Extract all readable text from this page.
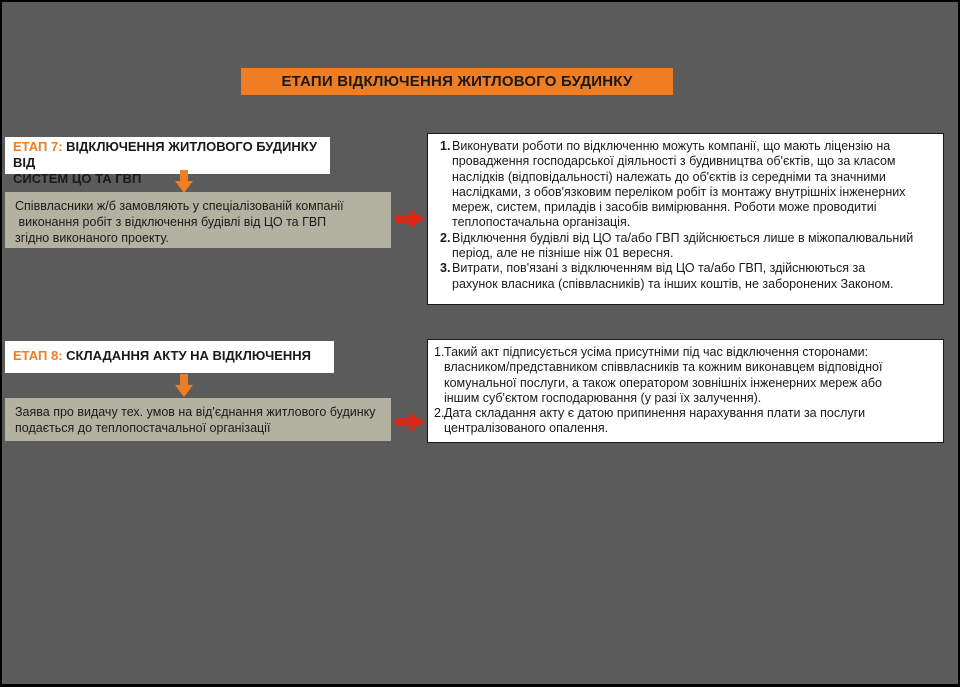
ЕТАПИ ВІДКЛЮЧЕННЯ ЖИТЛОВОГО БУДИНКУ
ЕТАП 7: ВІДКЛЮЧЕННЯ ЖИТЛОВОГО БУДИНКУ ВІД
СИСТЕМ ЦО ТА ГВП
Співвласники ж/б замовляють у спеціалізованій компанії
виконання робіт з відключення будівлі від ЦО та ГВП
згідно виконаного проекту.
1. Виконувати роботи по відключенню можуть компанії, що мають ліцензію на
провадження господарської діяльності з будивництва об'єктів, що за класом
наслідків (відповідальності) належать до об'єктів із середніми та значними
наслідками, з обов'язковим переліком робіт із монтажу внутрішніх інженерних
мереж, систем, приладів і засобів вимірювання. Роботи може проводитиі
теплопостачальна організація.
2. Відключення будівлі від ЦО та/або ГВП здійснюється лише в міжопалювальний
період, але не пізніше ніж 01 вересня.
3. Витрати, пов'язані з відключенням від ЦО та/або ГВП, здійснюються за
рахунок власника (співвласників) та інших коштів, не заборонених Законом.
ЕТАП 8: СКЛАДАННЯ АКТУ НА ВІДКЛЮЧЕННЯ
Заява про видачу тех. умов на від'єднання житлового будинку
подається до теплопостачальної організації
1. Такий акт підписується усіма присутніми під час відключення сторонами:
власником/представником співвласників та кожним виконавцем відповідної
комунальної послуги, а також оператором зовнішніх інженерних мереж або
іншим суб'єктом господарювання (у разі їх залучення).
2. Дата складання акту є датою припинення нарахування плати за послуги
централізованого опалення.
